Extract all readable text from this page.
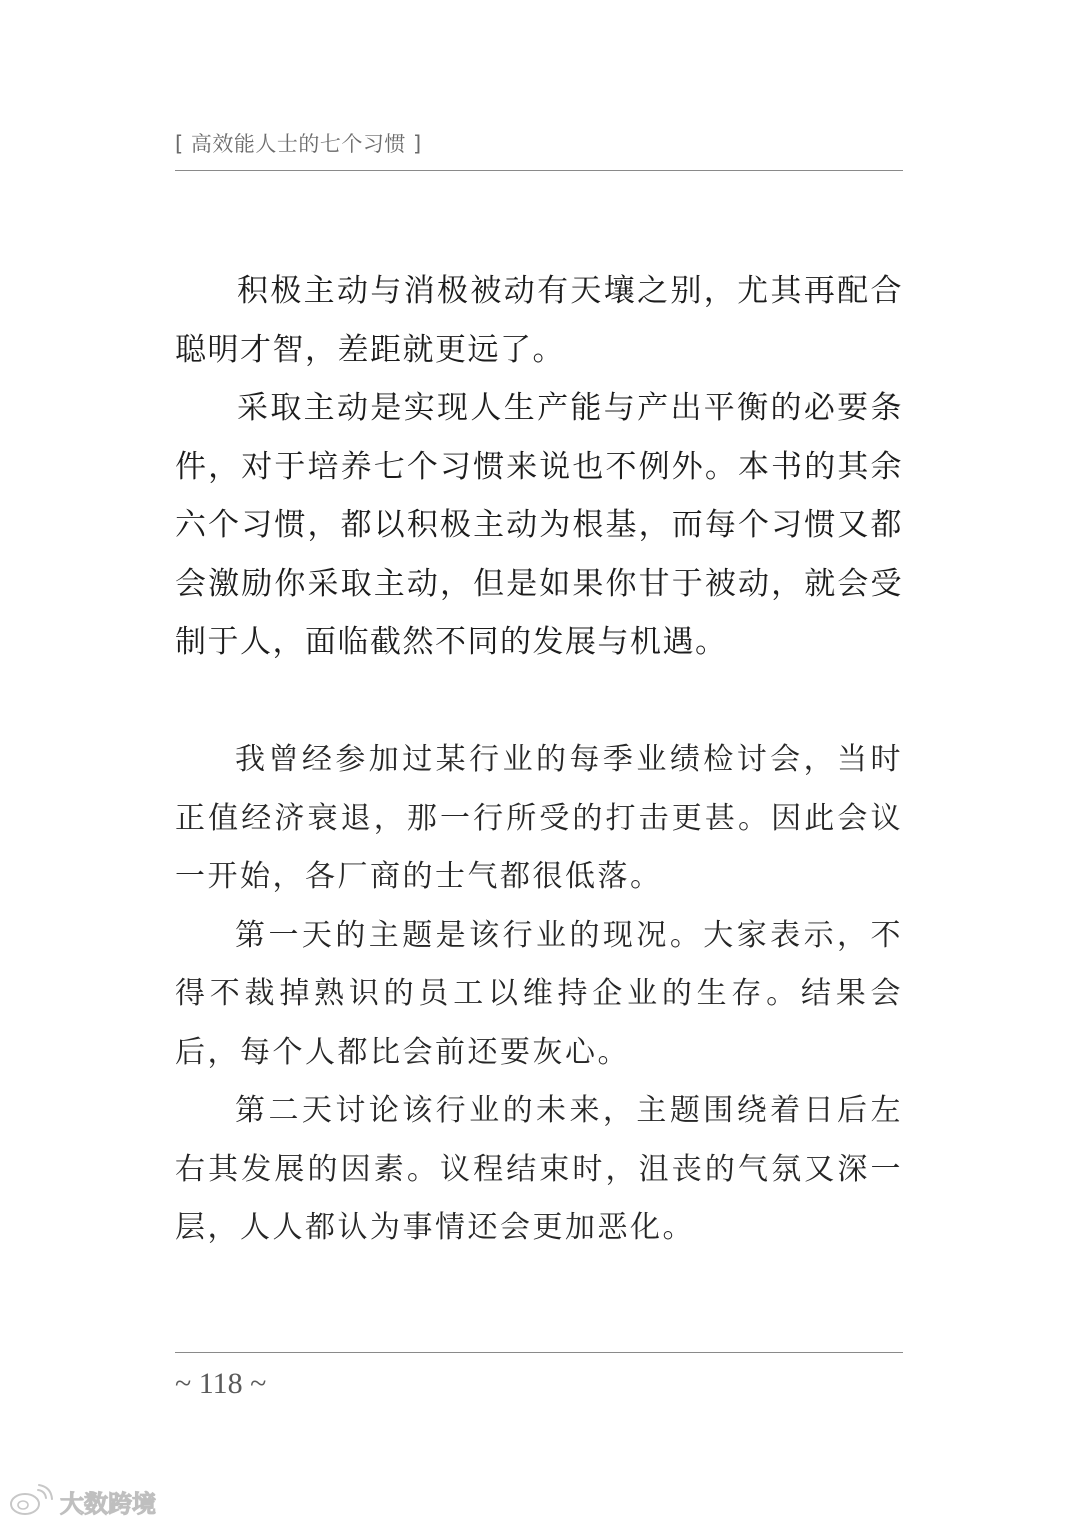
[ 高效能人士的七个习惯 ]

积极主动与消极被动有天壤之别，尤其再配合聪明才智，差距就更远了。

采取主动是实现人生产能与产出平衡的必要条件，对于培养七个习惯来说也不例外。本书的其余六个习惯，都以积极主动为根基，而每个习惯又都会激励你采取主动，但是如果你甘于被动，就会受制于人，面临截然不同的发展与机遇。

我曾经参加过某行业的每季业绩检讨会，当时正值经济衰退，那一行所受的打击更甚。因此会议一开始，各厂商的士气都很低落。

第一天的主题是该行业的现况。大家表示，不得不裁掉熟识的员工以维持企业的生存。结果会后，每个人都比会前还要灰心。

第二天讨论该行业的未来，主题围绕着日后左右其发展的因素。议程结束时，沮丧的气氛又深一层，人人都认为事情还会更加恶化。

~ 118 ~
大数跨境
